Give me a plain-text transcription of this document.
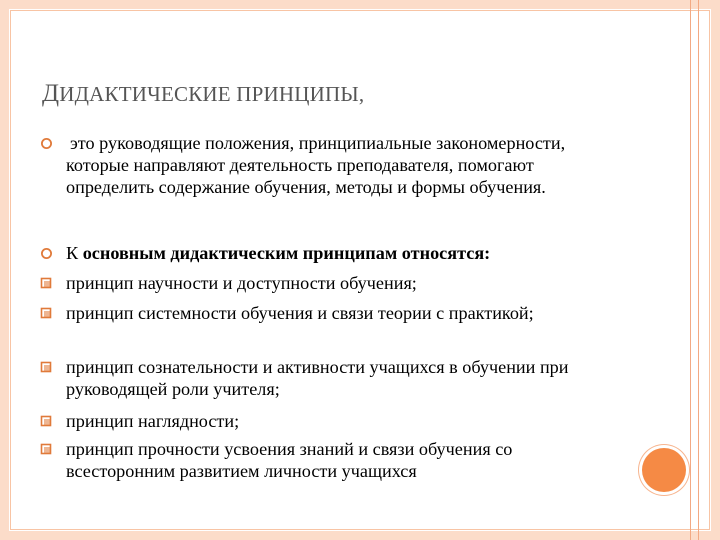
ДИДАКТИЧЕСКИЕ ПРИНЦИПЫ,
это руководящие положения, принципиальные закономерности, которые направляют деятельность преподавателя, помогают определить содержание обучения, методы и формы обучения.
К основным дидактическим принципам относятся:
принцип научности и доступности обучения;
принцип системности обучения и связи теории с практикой;
принцип сознательности и активности учащихся в обучении при руководящей роли учителя;
принцип наглядности;
принцип прочности усвоения знаний и связи обучения со всесторонним развитием личности учащихся
